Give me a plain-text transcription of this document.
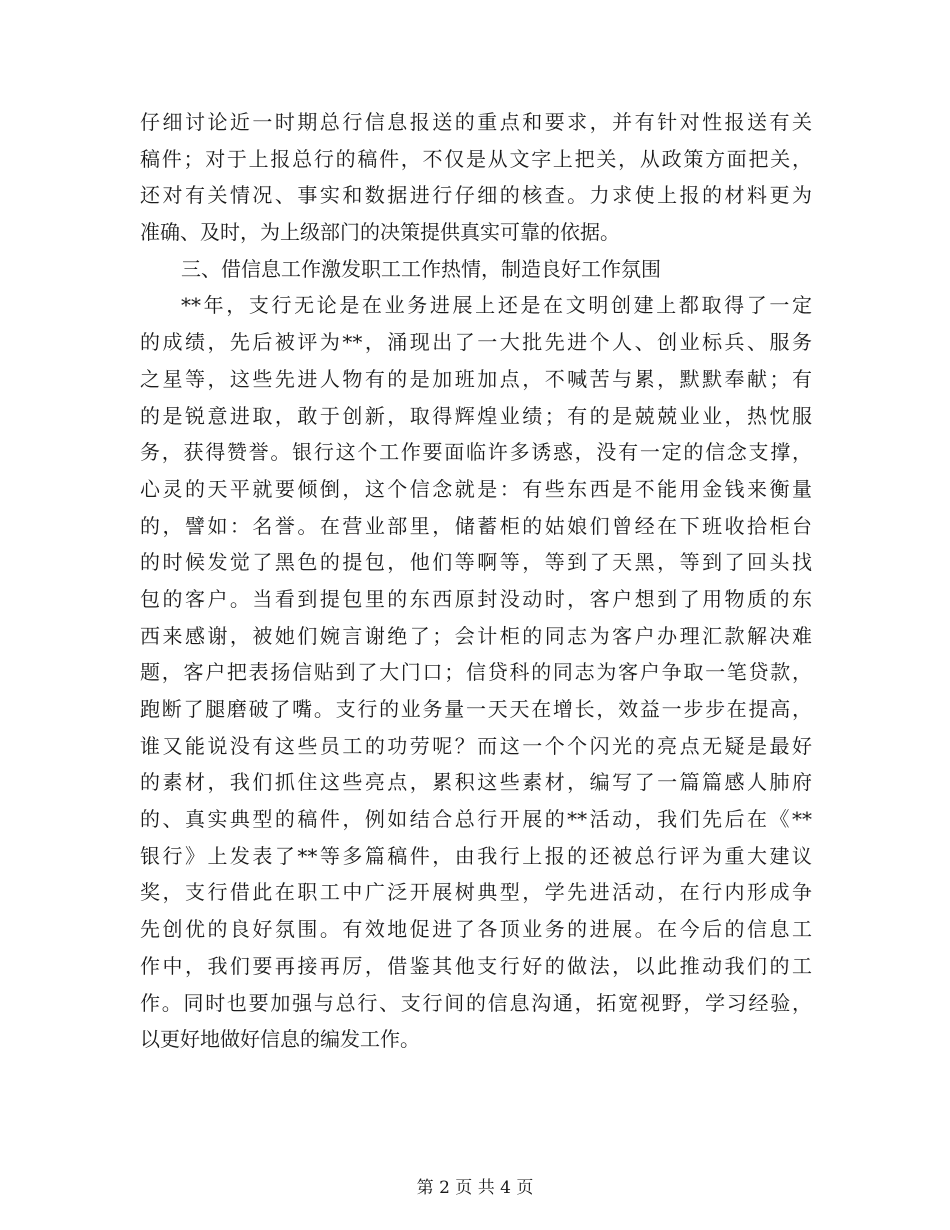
仔细讨论近一时期总行信息报送的重点和要求，并有针对性报送有关
稿件；对于上报总行的稿件，不仅是从文字上把关，从政策方面把关，
还对有关情况、事实和数据进行仔细的核查。力求使上报的材料更为
准确、及时，为上级部门的决策提供真实可靠的依据。
三、借信息工作激发职工工作热情，制造良好工作氛围
**年，支行无论是在业务进展上还是在文明创建上都取得了一定
的成绩，先后被评为**，涌现出了一大批先进个人、创业标兵、服务
之星等，这些先进人物有的是加班加点，不喊苦与累，默默奉献；有
的是锐意进取，敢于创新，取得辉煌业绩；有的是兢兢业业，热忱服
务，获得赞誉。银行这个工作要面临许多诱惑，没有一定的信念支撑，
心灵的天平就要倾倒，这个信念就是：有些东西是不能用金钱来衡量
的，譬如：名誉。在营业部里，储蓄柜的姑娘们曾经在下班收拾柜台
的时候发觉了黑色的提包，他们等啊等，等到了天黑，等到了回头找
包的客户。当看到提包里的东西原封没动时，客户想到了用物质的东
西来感谢，被她们婉言谢绝了；会计柜的同志为客户办理汇款解决难
题，客户把表扬信贴到了大门口；信贷科的同志为客户争取一笔贷款，
跑断了腿磨破了嘴。支行的业务量一天天在增长，效益一步步在提高，
谁又能说没有这些员工的功劳呢？而这一个个闪光的亮点无疑是最好
的素材，我们抓住这些亮点，累积这些素材，编写了一篇篇感人肺府
的、真实典型的稿件，例如结合总行开展的**活动，我们先后在《**
银行》上发表了**等多篇稿件，由我行上报的还被总行评为重大建议
奖，支行借此在职工中广泛开展树典型，学先进活动，在行内形成争
先创优的良好氛围。有效地促进了各顶业务的进展。在今后的信息工
作中，我们要再接再厉，借鉴其他支行好的做法，以此推动我们的工
作。同时也要加强与总行、支行间的信息沟通，拓宽视野，学习经验，
以更好地做好信息的编发工作。
第 2 页 共 4 页
